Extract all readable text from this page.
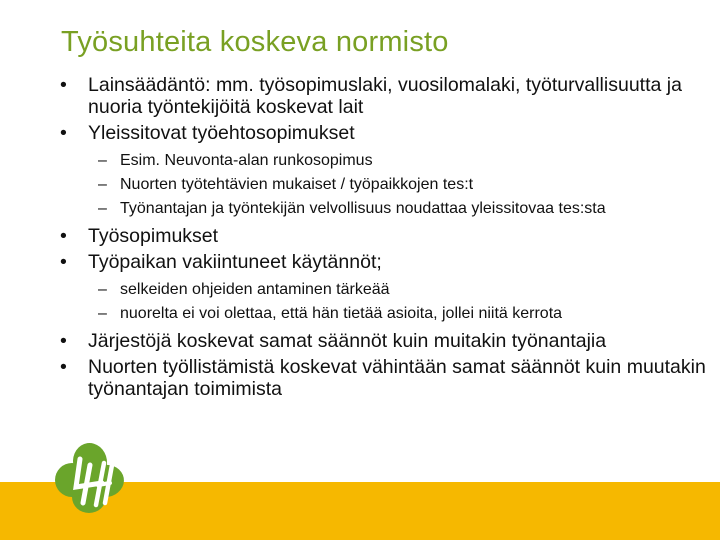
Työsuhteita koskeva normisto
• Lainsäädäntö: mm. työsopimuslaki, vuosilomalaki, työturvallisuutta ja nuoria työntekijöitä koskevat lait
• Yleissitovat työehtosopimukset
– Esim. Neuvonta-alan runkosopimus
– Nuorten työtehtävien mukaiset / työpaikkojen tes:t
– Työnantajan ja työntekijän velvollisuus noudattaa yleissitovaa tes:sta
• Työsopimukset
• Työpaikan vakiintuneet käytännöt;
– selkeiden ohjeiden antaminen tärkeää
– nuorelta ei voi olettaa, että hän tietää asioita, jollei niitä kerrota
• Järjestöjä koskevat samat säännöt kuin muitakin työnantajia
• Nuorten työllistämistä koskevat vähintään samat säännöt kuin muutakin työnantajan toimimista
